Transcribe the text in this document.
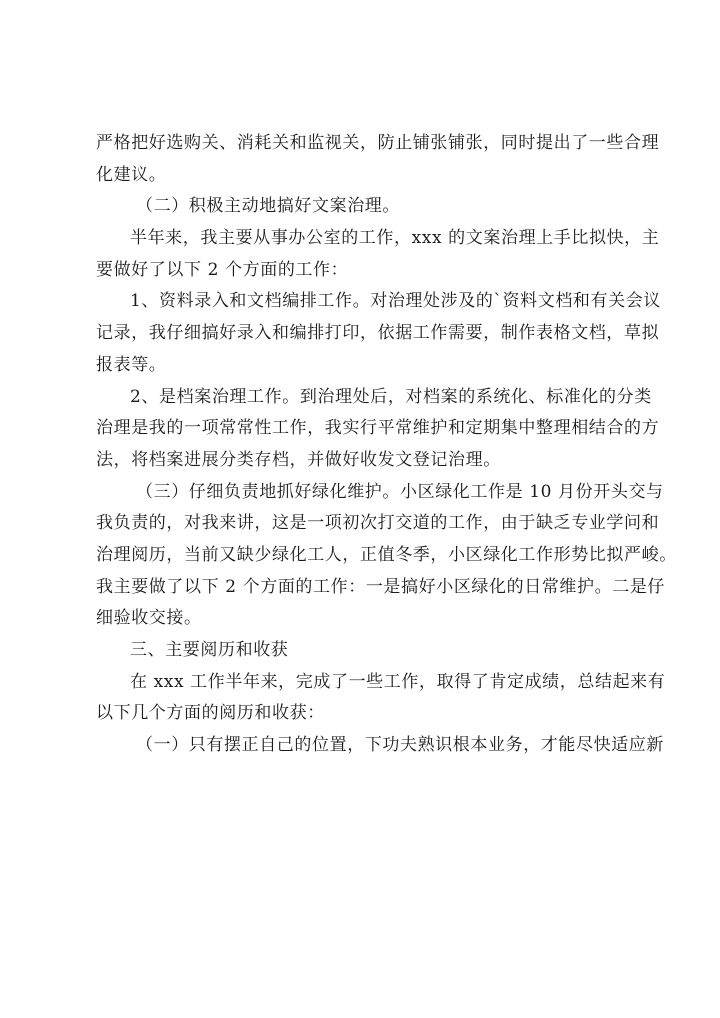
严格把好选购关、消耗关和监视关，防止铺张铺张，同时提出了一些合理
化建议。
（二）积极主动地搞好文案治理。
半年来，我主要从事办公室的工作，xxx 的文案治理上手比拟快，主
要做好了以下 2 个方面的工作：
1、资料录入和文档编排工作。对治理处涉及的`资料文档和有关会议
记录，我仔细搞好录入和编排打印，依据工作需要，制作表格文档，草拟
报表等。
2、是档案治理工作。到治理处后，对档案的系统化、标准化的分类
治理是我的一项常常性工作，我实行平常维护和定期集中整理相结合的方
法，将档案进展分类存档，并做好收发文登记治理。
（三）仔细负责地抓好绿化维护。小区绿化工作是 10 月份开头交与
我负责的，对我来讲，这是一项初次打交道的工作，由于缺乏专业学问和
治理阅历，当前又缺少绿化工人，正值冬季，小区绿化工作形势比拟严峻。
我主要做了以下 2 个方面的工作：一是搞好小区绿化的日常维护。二是仔
细验收交接。
三、主要阅历和收获
在 xxx 工作半年来，完成了一些工作，取得了肯定成绩，总结起来有
以下几个方面的阅历和收获：
（一）只有摆正自己的位置，下功夫熟识根本业务，才能尽快适应新
